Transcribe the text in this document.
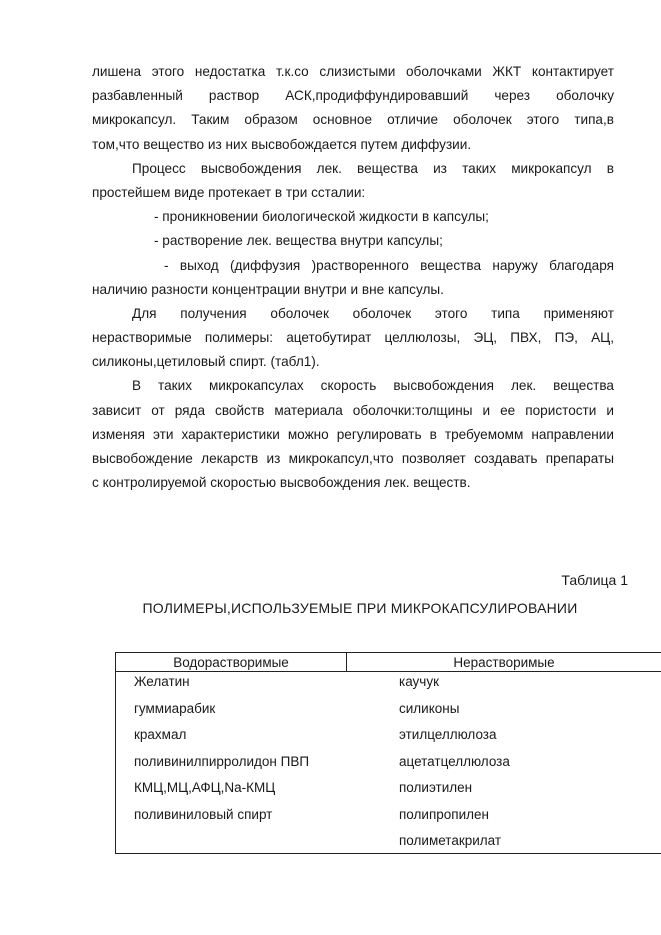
лишена этого недостатка т.к.со слизистыми оболочками ЖКТ контактирует
разбавленный раствор АСК,продиффундировавший через оболочку
микрокапсул. Таким образом основное отличие оболочек этого типа,в
том,что вещество из них высвобождается путем диффузии.
Процесс высвобождения лек. вещества из таких микрокапсул в
простейшем виде протекает в три ссталии:
- проникновении биологической жидкости в капсулы;
- растворение лек. вещества внутри капсулы;
- выход (диффузия )растворенного вещества наружу благодаря
наличию разности концентрации внутри и вне капсулы.
Для получения оболочек оболочек этого типа применяют
нерастворимые полимеры: ацетобутират целлюлозы, ЭЦ, ПВХ, ПЭ, АЦ,
силиконы,цетиловый спирт. (табл1).
В таких микрокапсулах скорость высвобождения лек. вещества
зависит от ряда свойств материала оболочки:толщины и ее пористости и
изменяя эти характеристики можно регулировать в требуемомм направлении
высвобождение лекарств из микрокапсул,что позволяет создавать препараты
с контролируемой скоростью высвобождения лек. веществ.
Таблица 1
ПОЛИМЕРЫ,ИСПОЛЬЗУЕМЫЕ ПРИ МИКРОКАПСУЛИРОВАНИИ
Водорастворимые	Нерастворимые
Желатин
гуммиарабик
крахмал
поливинилпирролидон ПВП
КМЦ,МЦ,АФЦ,Na-КМЦ
поливиниловый спирт
каучук
силиконы
этилцеллюлоза
ацетатцеллюлоза
полиэтилен
полипропилен
полиметакрилат
